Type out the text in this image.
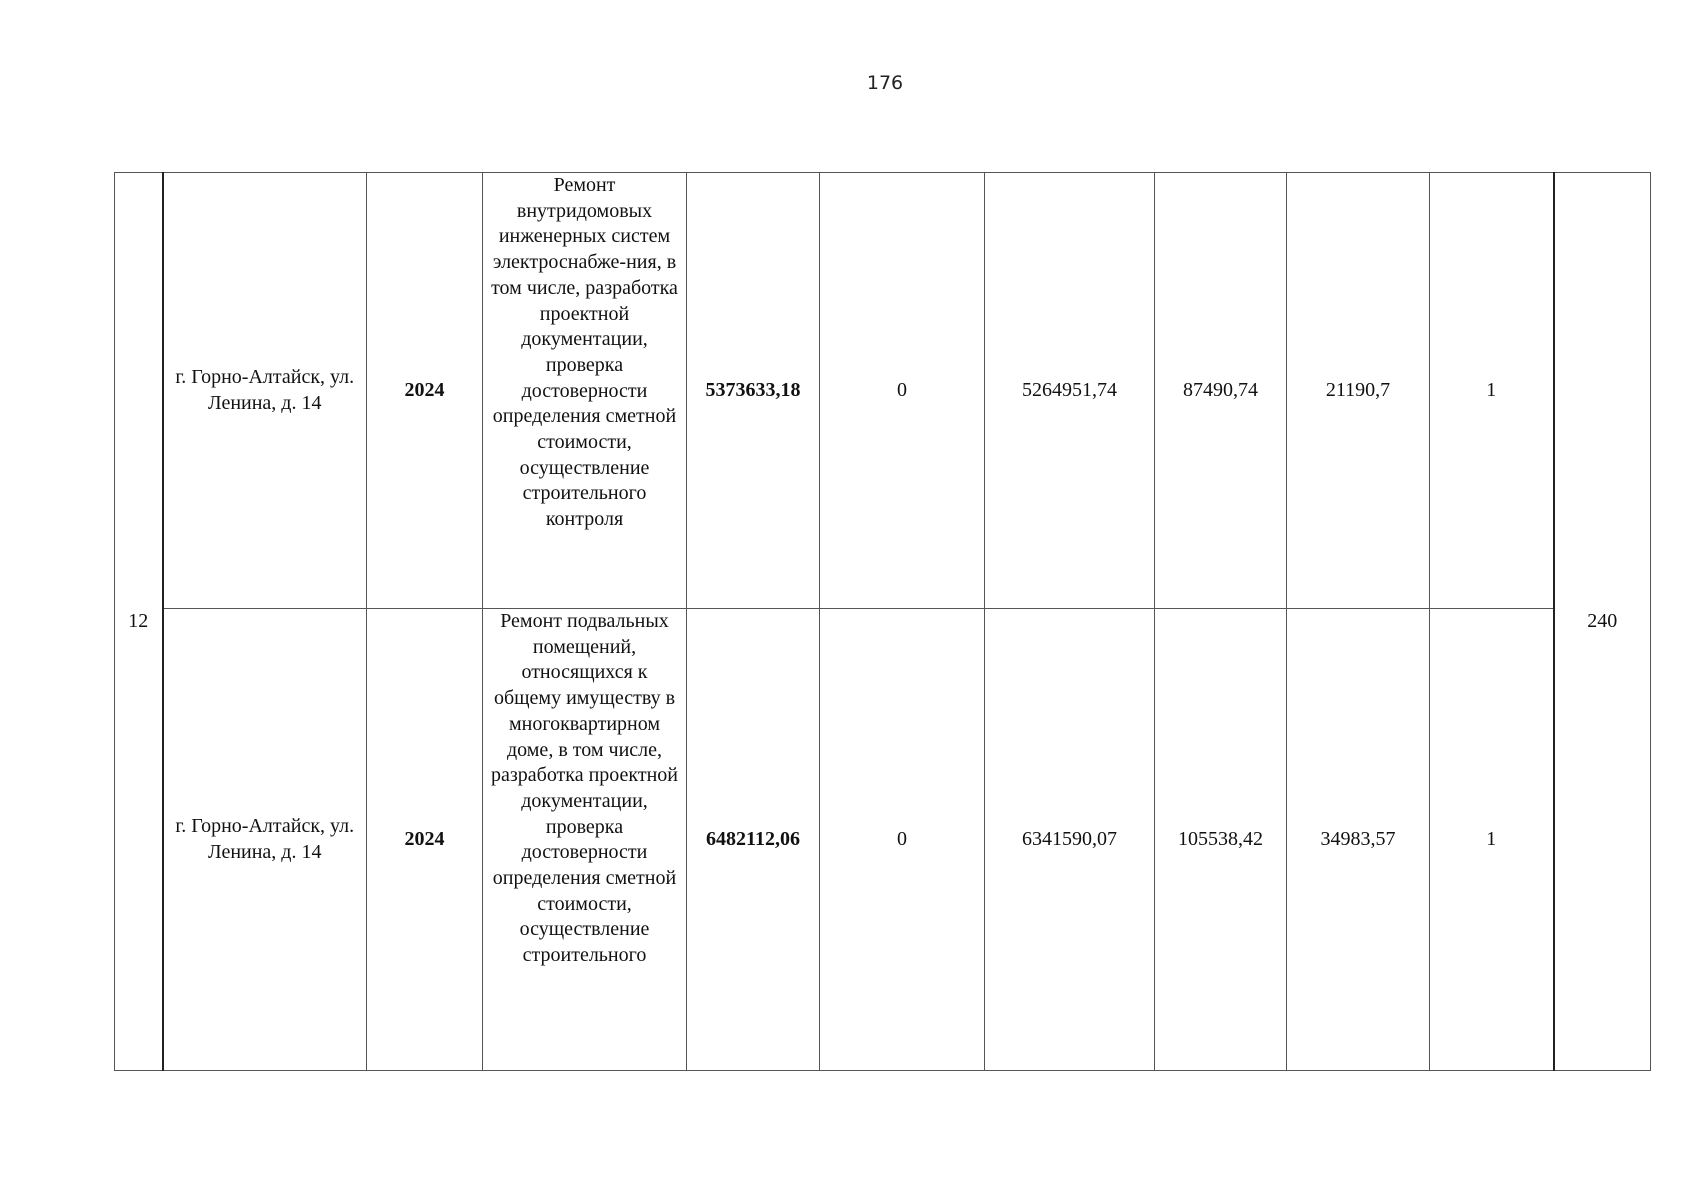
176
12	г. Горно-Алтайск, ул. Ленина, д. 14	2024	Ремонт внутридомовых инженерных систем электроснабже-ния, в том числе, разработка проектной документации, проверка достоверности определения сметной стоимости, осуществление строительного контроля	5373633,18	0	5264951,74	87490,74	21190,7	1	240
	г. Горно-Алтайск, ул. Ленина, д. 14	2024	Ремонт подвальных помещений, относящихся к общему имуществу в многоквартирном доме, в том числе, разработка проектной документации, проверка достоверности определения сметной стоимости, осуществление строительного	6482112,06	0	6341590,07	105538,42	34983,57	1	
